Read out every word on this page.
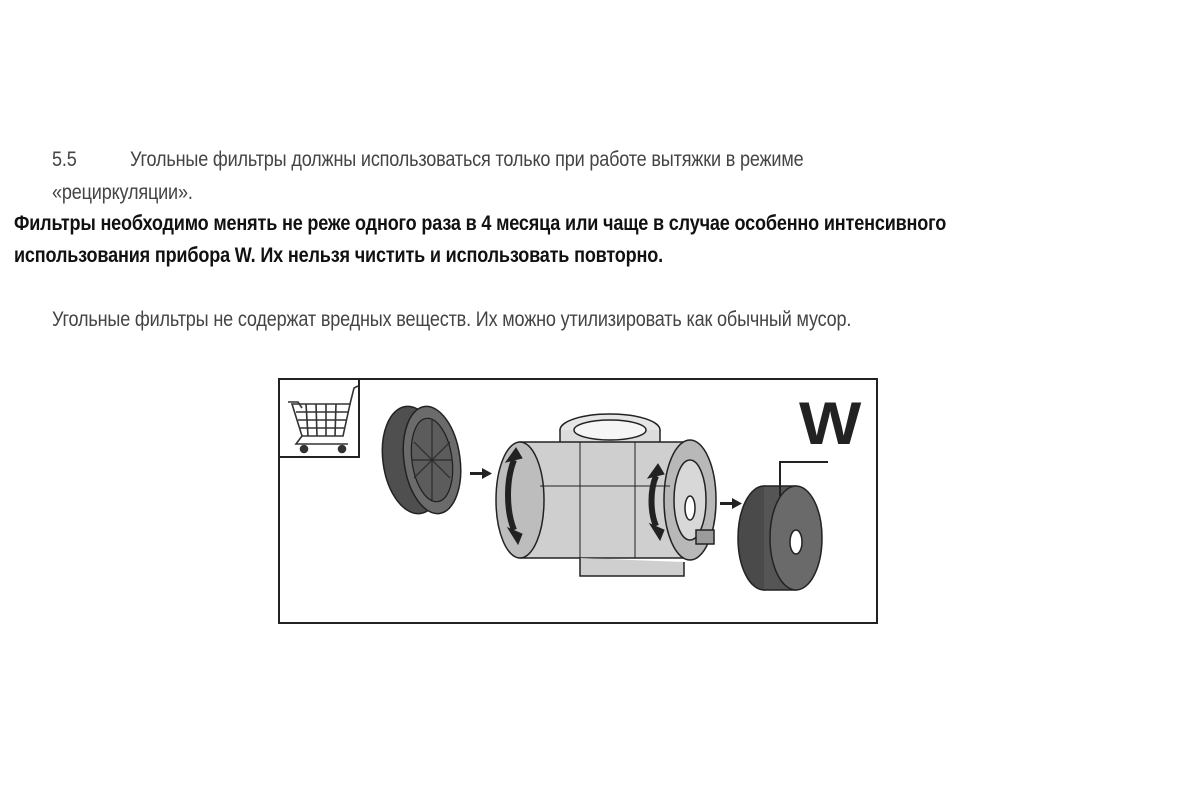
5.5	Угольные фильтры должны использоваться только при работе вытяжки в режиме
«рециркуляции».
Фильтры необходимо менять не реже одного раза в 4 месяца или чаще в случае особенно интенсивного
использования прибора W. Их нельзя чистить и использовать повторно.
Угольные фильтры не содержат вредных веществ. Их можно утилизировать как обычный мусор.
W
